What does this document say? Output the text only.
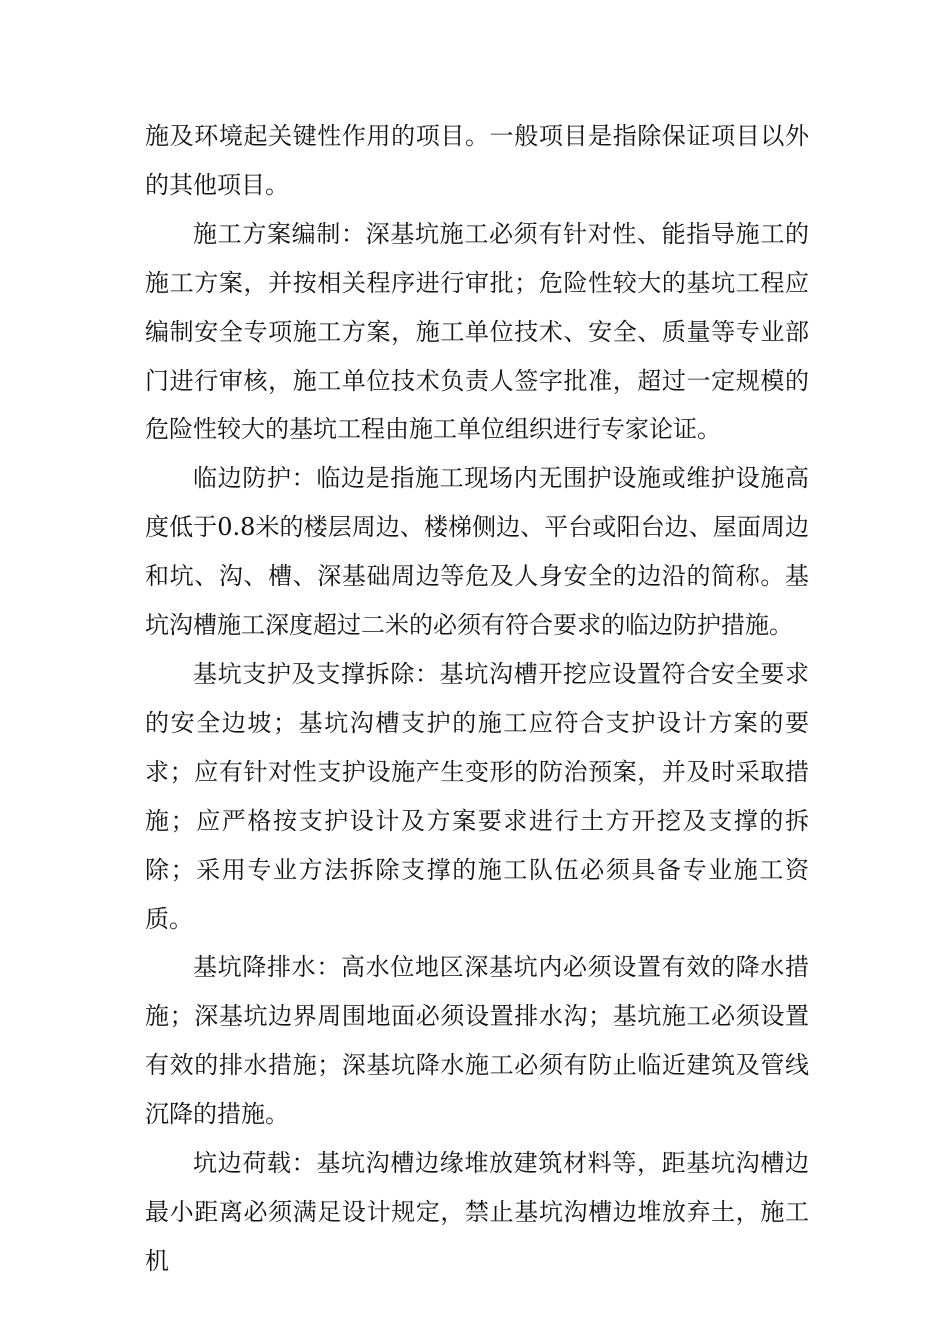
施及环境起关键性作用的项目。一般项目是指除保证项目以外的其他项目。

施工方案编制：深基坑施工必须有针对性、能指导施工的施工方案，并按相关程序进行审批；危险性较大的基坑工程应编制安全专项施工方案，施工单位技术、安全、质量等专业部门进行审核，施工单位技术负责人签字批准，超过一定规模的危险性较大的基坑工程由施工单位组织进行专家论证。

临边防护：临边是指施工现场内无围护设施或维护设施高度低于0.8米的楼层周边、楼梯侧边、平台或阳台边、屋面周边和坑、沟、槽、深基础周边等危及人身安全的边沿的简称。基坑沟槽施工深度超过二米的必须有符合要求的临边防护措施。

基坑支护及支撑拆除：基坑沟槽开挖应设置符合安全要求的安全边坡；基坑沟槽支护的施工应符合支护设计方案的要求；应有针对性支护设施产生变形的防治预案，并及时采取措施；应严格按支护设计及方案要求进行土方开挖及支撑的拆除；采用专业方法拆除支撑的施工队伍必须具备专业施工资质。

基坑降排水：高水位地区深基坑内必须设置有效的降水措施；深基坑边界周围地面必须设置排水沟；基坑施工必须设置有效的排水措施；深基坑降水施工必须有防止临近建筑及管线沉降的措施。

坑边荷载：基坑沟槽边缘堆放建筑材料等，距基坑沟槽边最小距离必须满足设计规定，禁止基坑沟槽边堆放弃土，施工机
